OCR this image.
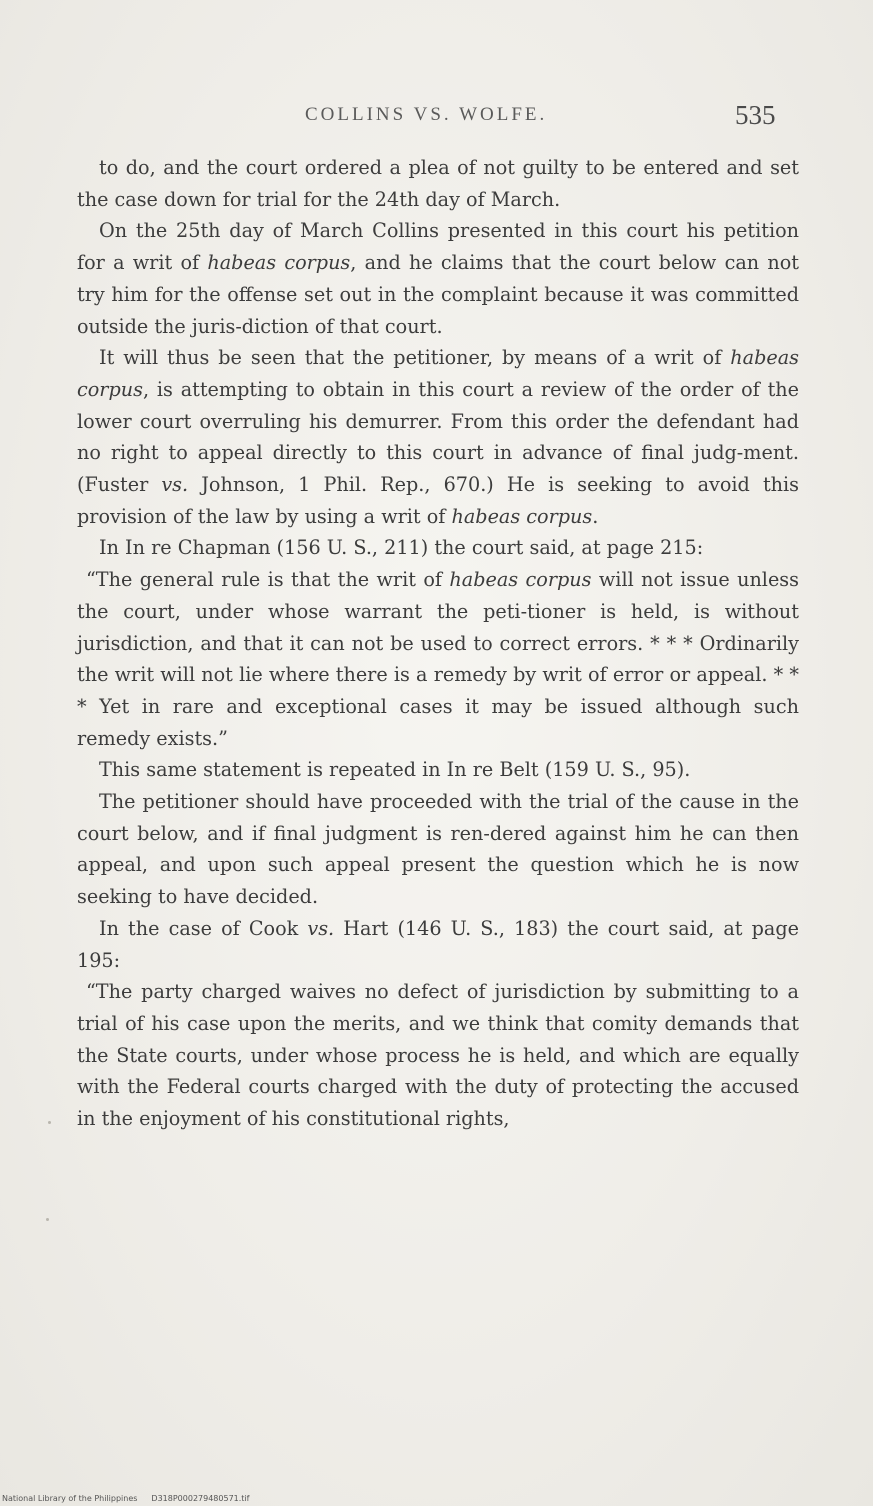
COLLINS VS. WOLFE.	535

to do, and the court ordered a plea of not guilty to be entered and set the case down for trial for the 24th day of March.

On the 25th day of March Collins presented in this court his petition for a writ of habeas corpus, and he claims that the court below can not try him for the offense set out in the complaint because it was committed outside the juris-diction of that court.

It will thus be seen that the petitioner, by means of a writ of habeas corpus, is attempting to obtain in this court a review of the order of the lower court overruling his demurrer. From this order the defendant had no right to appeal directly to this court in advance of final judg-ment. (Fuster vs. Johnson, 1 Phil. Rep., 670.) He is seeking to avoid this provision of the law by using a writ of habeas corpus.

In In re Chapman (156 U. S., 211) the court said, at page 215:

“The general rule is that the writ of habeas corpus will not issue unless the court, under whose warrant the peti-tioner is held, is without jurisdiction, and that it can not be used to correct errors. * * * Ordinarily the writ will not lie where there is a remedy by writ of error or appeal. * * * Yet in rare and exceptional cases it may be issued although such remedy exists.”

This same statement is repeated in In re Belt (159 U. S., 95).

The petitioner should have proceeded with the trial of the cause in the court below, and if final judgment is ren-dered against him he can then appeal, and upon such appeal present the question which he is now seeking to have decided.

In the case of Cook vs. Hart (146 U. S., 183) the court said, at page 195:

“The party charged waives no defect of jurisdiction by submitting to a trial of his case upon the merits, and we think that comity demands that the State courts, under whose process he is held, and which are equally with the Federal courts charged with the duty of protecting the accused in the enjoyment of his constitutional rights,

National Library of the Philippines D318P000279480571.tif
